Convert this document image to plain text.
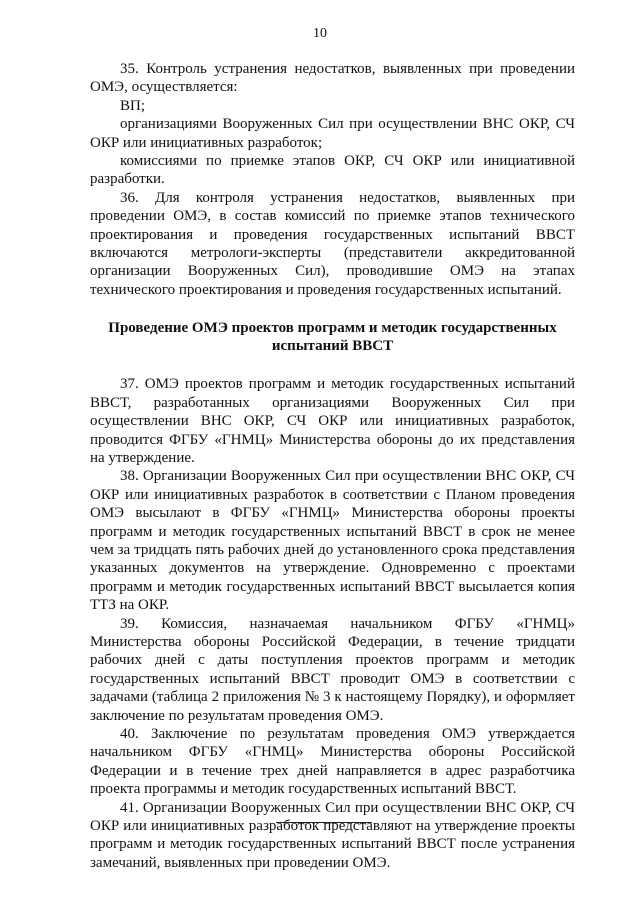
10

35. Контроль устранения недостатков, выявленных при проведении ОМЭ, осуществляется:

ВП;

организациями Вооруженных Сил при осуществлении ВНС ОКР, СЧ ОКР или инициативных разработок;

комиссиями по приемке этапов ОКР, СЧ ОКР или инициативной разработки.

36. Для контроля устранения недостатков, выявленных при проведении ОМЭ, в состав комиссий по приемке этапов технического проектирования и проведения государственных испытаний ВВСТ включаются метрологи-эксперты (представители аккредитованной организации Вооруженных Сил), проводившие ОМЭ на этапах технического проектирования и проведения государственных испытаний.

Проведение ОМЭ проектов программ и методик государственных испытаний ВВСТ

37. ОМЭ проектов программ и методик государственных испытаний ВВСТ, разработанных организациями Вооруженных Сил при осуществлении ВНС ОКР, СЧ ОКР или инициативных разработок, проводится ФГБУ «ГНМЦ» Министерства обороны до их представления на утверждение.

38. Организации Вооруженных Сил при осуществлении ВНС ОКР, СЧ ОКР или инициативных разработок в соответствии с Планом проведения ОМЭ высылают в ФГБУ «ГНМЦ» Министерства обороны проекты программ и методик государственных испытаний ВВСТ в срок не менее чем за тридцать пять рабочих дней до установленного срока представления указанных документов на утверждение. Одновременно с проектами программ и методик государственных испытаний ВВСТ высылается копия ТТЗ на ОКР.

39. Комиссия, назначаемая начальником ФГБУ «ГНМЦ» Министерства обороны Российской Федерации, в течение тридцати рабочих дней с даты поступления проектов программ и методик государственных испытаний ВВСТ проводит ОМЭ в соответствии с задачами (таблица 2 приложения № 3 к настоящему Порядку), и оформляет заключение по результатам проведения ОМЭ.

40. Заключение по результатам проведения ОМЭ утверждается начальником ФГБУ «ГНМЦ» Министерства обороны Российской Федерации и в течение трех дней направляется в адрес разработчика проекта программы и методик государственных испытаний ВВСТ.

41. Организации Вооруженных Сил при осуществлении ВНС ОКР, СЧ ОКР или инициативных разработок представляют на утверждение проекты программ и методик государственных испытаний ВВСТ после устранения замечаний, выявленных при проведении ОМЭ.
